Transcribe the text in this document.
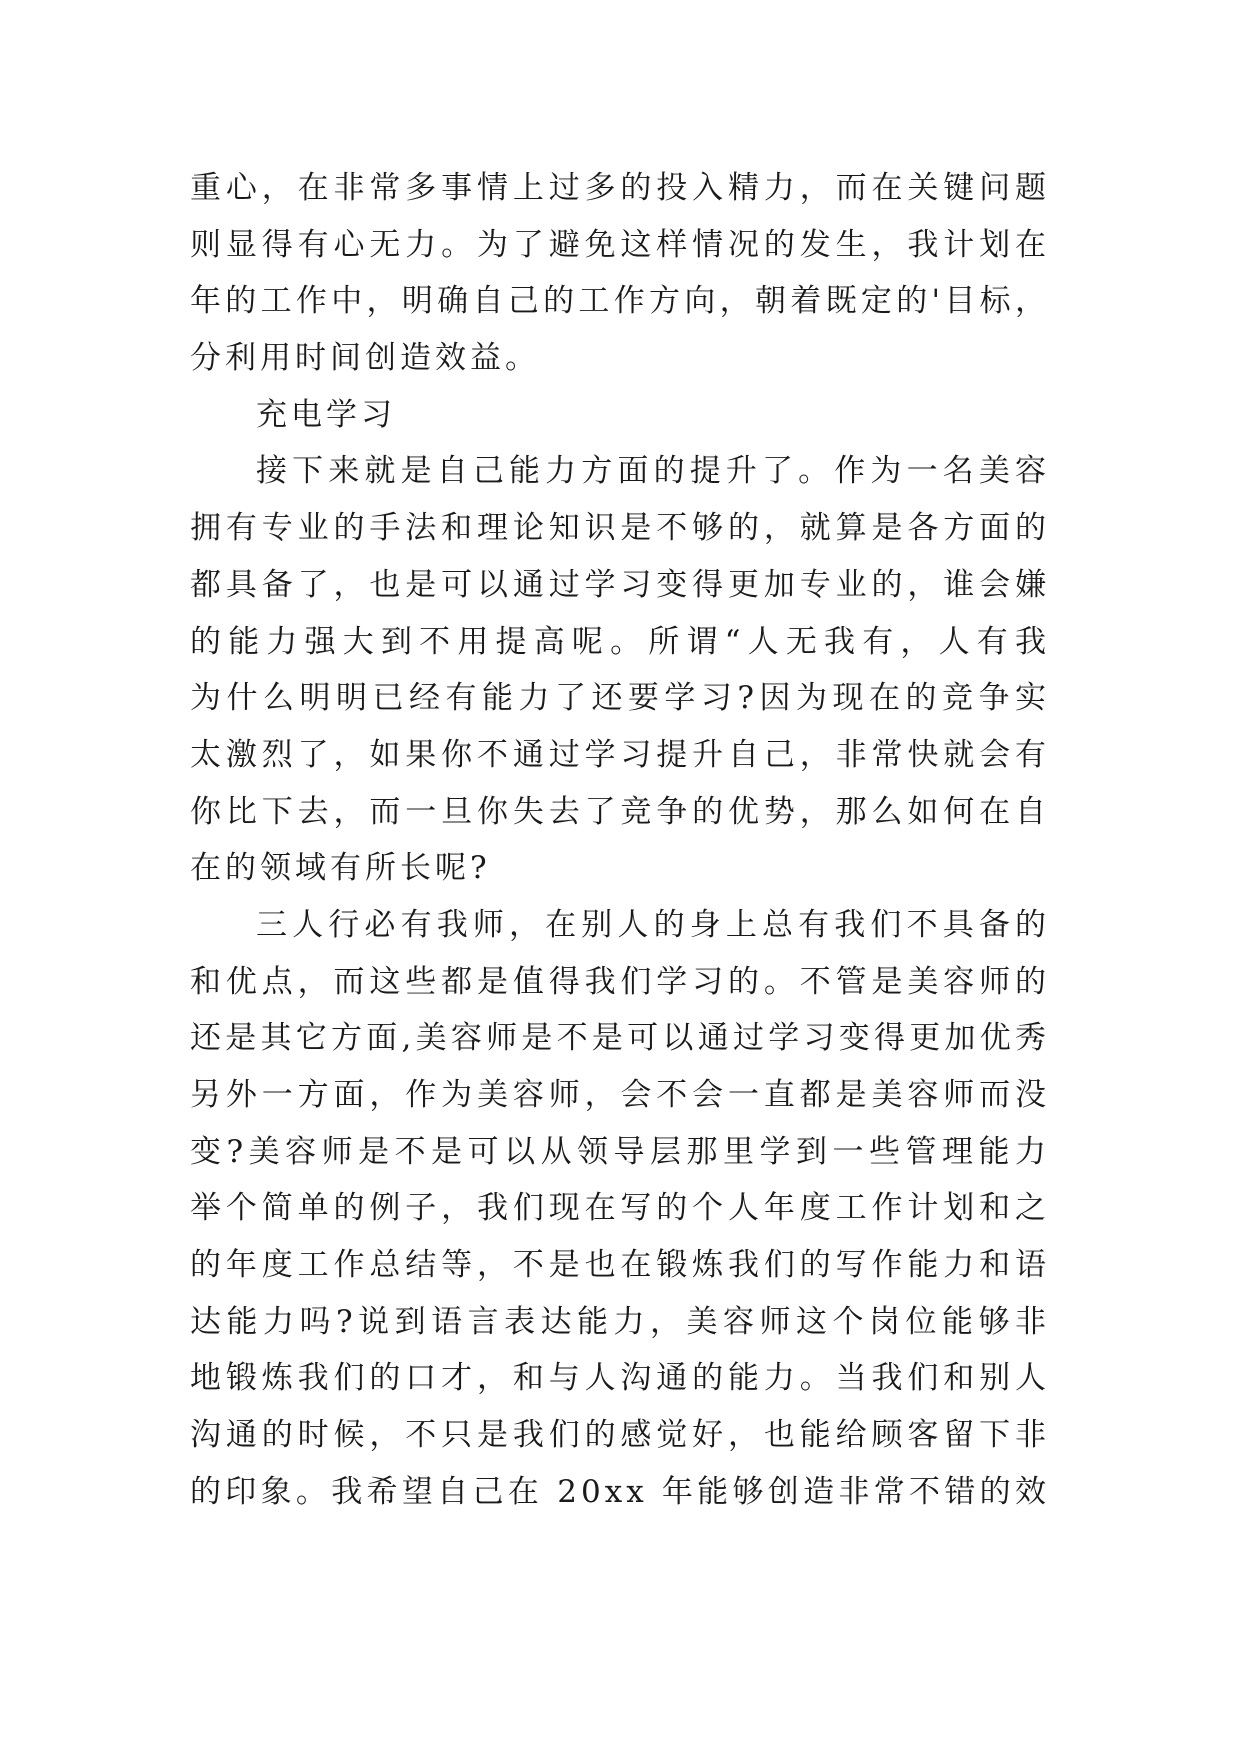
重心，在非常多事情上过多的投入精力，而在关键问题
则显得有心无力。为了避免这样情况的发生，我计划在
年的工作中，明确自己的工作方向，朝着既定的'目标，
分利用时间创造效益。
充电学习
接下来就是自己能力方面的提升了。作为一名美容
拥有专业的手法和理论知识是不够的，就算是各方面的
都具备了，也是可以通过学习变得更加专业的，谁会嫌
的能力强大到不用提高呢。所谓“人无我有，人有我
为什么明明已经有能力了还要学习?因为现在的竞争实
太激烈了，如果你不通过学习提升自己，非常快就会有
你比下去，而一旦你失去了竞争的优势，那么如何在自
在的领域有所长呢?
三人行必有我师，在别人的身上总有我们不具备的
和优点，而这些都是值得我们学习的。不管是美容师的
还是其它方面,美容师是不是可以通过学习变得更加优秀
另外一方面，作为美容师，会不会一直都是美容师而没
变?美容师是不是可以从领导层那里学到一些管理能力
举个简单的例子，我们现在写的个人年度工作计划和之
的年度工作总结等，不是也在锻炼我们的写作能力和语
达能力吗?说到语言表达能力，美容师这个岗位能够非
地锻炼我们的口才，和与人沟通的能力。当我们和别人
沟通的时候，不只是我们的感觉好，也能给顾客留下非
的印象。我希望自己在 20xx 年能够创造非常不错的效
